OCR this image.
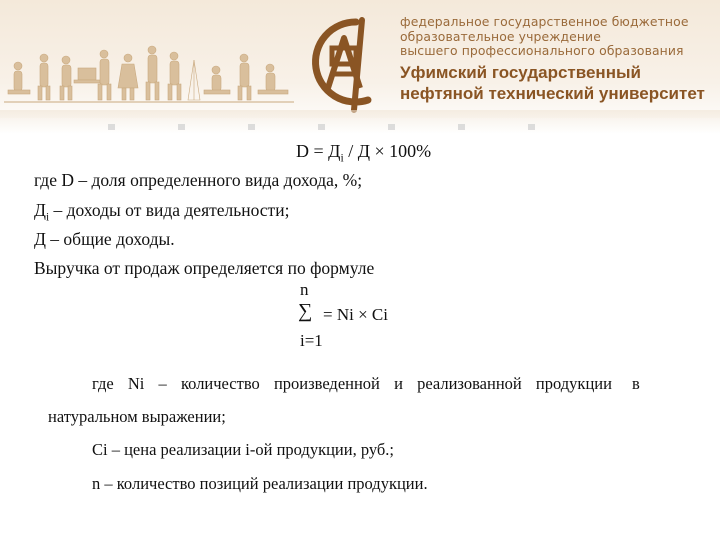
федеральное государственное бюджетное
образовательное учреждение
высшего профессионального образования
Уфимский государственный
нефтяной технический университет
$D = Д_i / Д \times 100\%$
где D – доля определенного вида дохода, %;
$Д_i$ – доходы от вида деятельности;
Д – общие доходы.
Выручка от продаж определяется по формуле
n
∑ = Ni × Ci
i=1
где Ni – количество произведенной и реализованной продукции в
натуральном выражении;
Ci – цена реализации i-ой продукции, руб.;
n – количество позиций реализации продукции.
